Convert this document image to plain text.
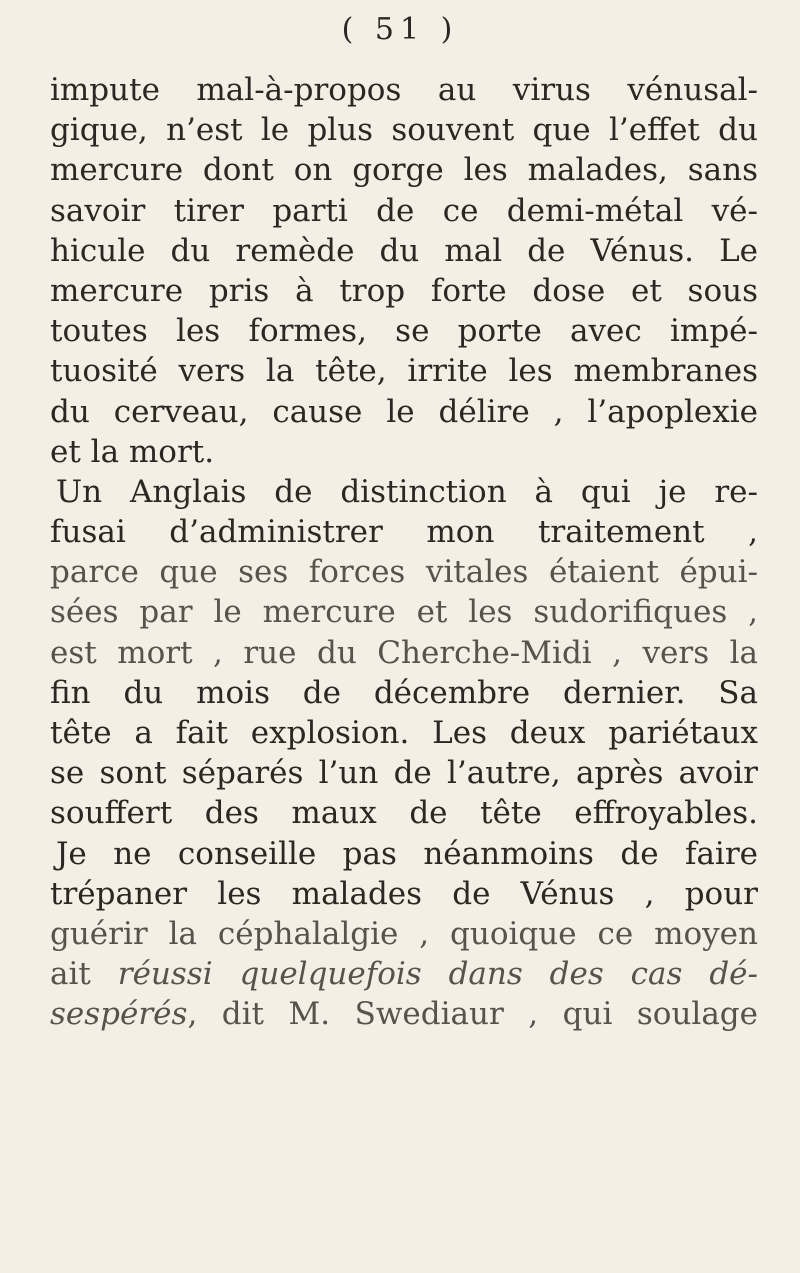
( 51 )
impute mal-à-propos au virus vénusal-
gique, n’est le plus souvent que l’effet du
mercure dont on gorge les malades, sans
savoir tirer parti de ce demi-métal vé-
hicule du remède du mal de Vénus. Le
mercure pris à trop forte dose et sous
toutes les formes, se porte avec impé-
tuosité vers la tête, irrite les membranes
du cerveau, cause le délire , l’apoplexie
et la mort.
Un Anglais de distinction à qui je re-
fusai d’administrer mon traitement ,
parce que ses forces vitales étaient épui-
sées par le mercure et les sudorifiques ,
est mort , rue du Cherche-Midi , vers la
fin du mois de décembre dernier. Sa
tête a fait explosion. Les deux pariétaux
se sont séparés l’un de l’autre, après avoir
souffert des maux de tête effroyables.
Je ne conseille pas néanmoins de faire
trépaner les malades de Vénus , pour
guérir la céphalalgie , quoique ce moyen
ait réussi quelquefois dans des cas dé-
sespérés, dit M. Swediaur , qui soulage
